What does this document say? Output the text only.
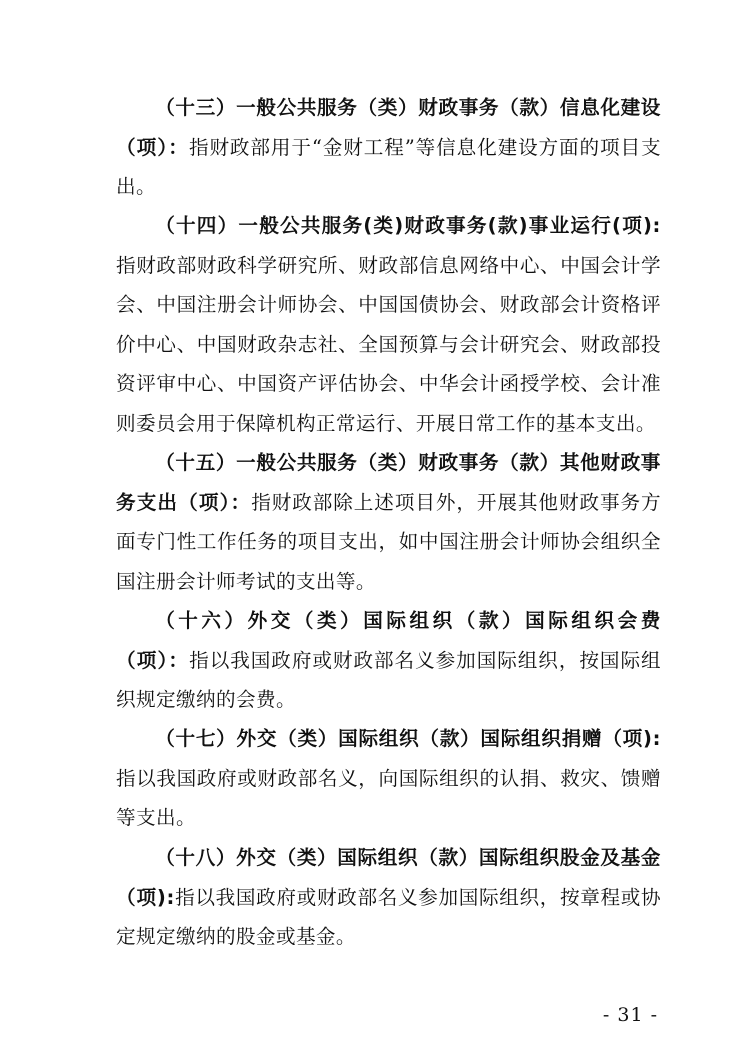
（十三）一般公共服务（类）财政事务（款）信息化建设（项）：指财政部用于“金财工程”等信息化建设方面的项目支出。

（十四）一般公共服务(类)财政事务(款)事业运行(项):指财政部财政科学研究所、财政部信息网络中心、中国会计学会、中国注册会计师协会、中国国债协会、财政部会计资格评价中心、中国财政杂志社、全国预算与会计研究会、财政部投资评审中心、中国资产评估协会、中华会计函授学校、会计准则委员会用于保障机构正常运行、开展日常工作的基本支出。

（十五）一般公共服务（类）财政事务（款）其他财政事务支出（项）：指财政部除上述项目外，开展其他财政事务方面专门性工作任务的项目支出，如中国注册会计师协会组织全国注册会计师考试的支出等。

（十六）外交（类）国际组织（款）国际组织会费（项）：指以我国政府或财政部名义参加国际组织，按国际组织规定缴纳的会费。

（十七）外交（类）国际组织（款）国际组织捐赠（项):指以我国政府或财政部名义，向国际组织的认捐、救灾、馈赠等支出。

（十八）外交（类）国际组织（款）国际组织股金及基金（项):指以我国政府或财政部名义参加国际组织，按章程或协定规定缴纳的股金或基金。

- 31 -
